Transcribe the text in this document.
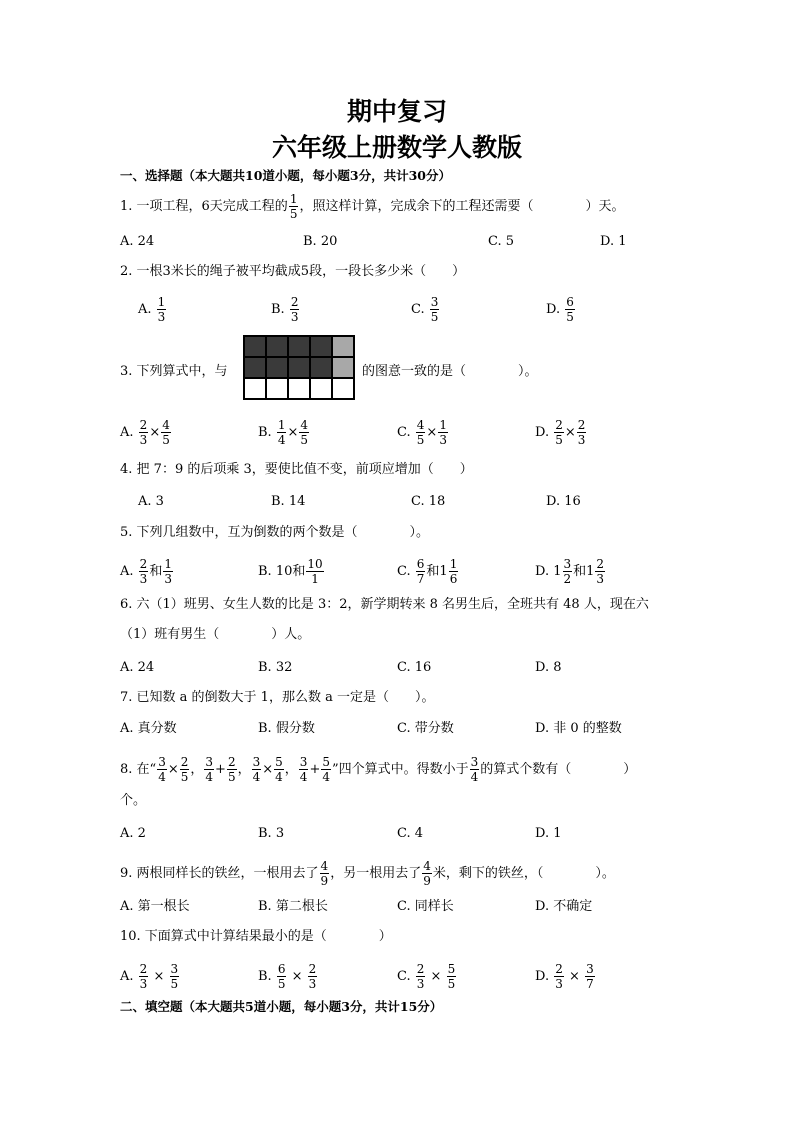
期中复习
六年级上册数学人教版
一、选择题（本大题共10道小题，每小题3分，共计30分）
1. 一项工程，6天完成工程的 $\frac{1}{5}$ ，照这样计算，完成余下的工程还需要（　　　　）天。
A. 24	B. 20	C. 5	D. 1
2. 一根3米长的绳子被平均截成5段，一段长多少米（　　）
A. $\frac{1}{3}$	B. $\frac{2}{3}$	C. $\frac{3}{5}$	D. $\frac{6}{5}$
3. 下列算式中，与	的图意一致的是（　　　　）。
A. $\frac{2}{3} \times \frac{4}{5}$	B. $\frac{1}{4} \times \frac{4}{5}$	C. $\frac{4}{5} \times \frac{1}{3}$	D. $\frac{2}{5} \times \frac{2}{3}$
4. 把 7：9 的后项乘 3，要使比值不变，前项应增加（　　）
A. 3	B. 14	C. 18	D. 16
5. 下列几组数中，互为倒数的两个数是（　　　　）。
A. $\frac{2}{3}$ 和 $\frac{1}{3}$	B. 10和 $\frac{10}{1}$	C. $\frac{6}{7}$ 和$1 \frac{1}{6}$	D. $1 \frac{3}{2}$ 和$1 \frac{2}{3}$
6. 六（1）班男、女生人数的比是 3：2，新学期转来 8 名男生后，全班共有 48 人，现在六
（1）班有男生（　　　　）人。
A. 24	B. 32	C. 16	D. 8
7. 已知数 a 的倒数大于 1，那么数 a 一定是（　　）。
A. 真分数	B. 假分数	C. 带分数	D. 非 0 的整数
8. 在“ $\frac{3}{4} \times \frac{2}{5}$ ， $\frac{3}{4} + \frac{2}{5}$ ， $\frac{3}{4} \times \frac{5}{4}$ ， $\frac{3}{4} + \frac{5}{4}$ ”四个算式中。得数小于 $\frac{3}{4}$ 的算式个数有（　　　　）
个。
A. 2	B. 3	C. 4	D. 1
9. 两根同样长的铁丝，一根用去了 $\frac{4}{9}$ ，另一根用去了 $\frac{4}{9}$ 米，剩下的铁丝，（　　　　）。
A. 第一根长	B. 第二根长	C. 同样长	D. 不确定
10. 下面算式中计算结果最小的是（　　　　）
A. $\frac{2}{3} \times \frac{3}{5}$	B. $\frac{6}{5} \times \frac{2}{3}$	C. $\frac{2}{3} \times \frac{5}{5}$	D. $\frac{2}{3} \times \frac{3}{7}$
二、填空题（本大题共5道小题，每小题3分，共计15分）
